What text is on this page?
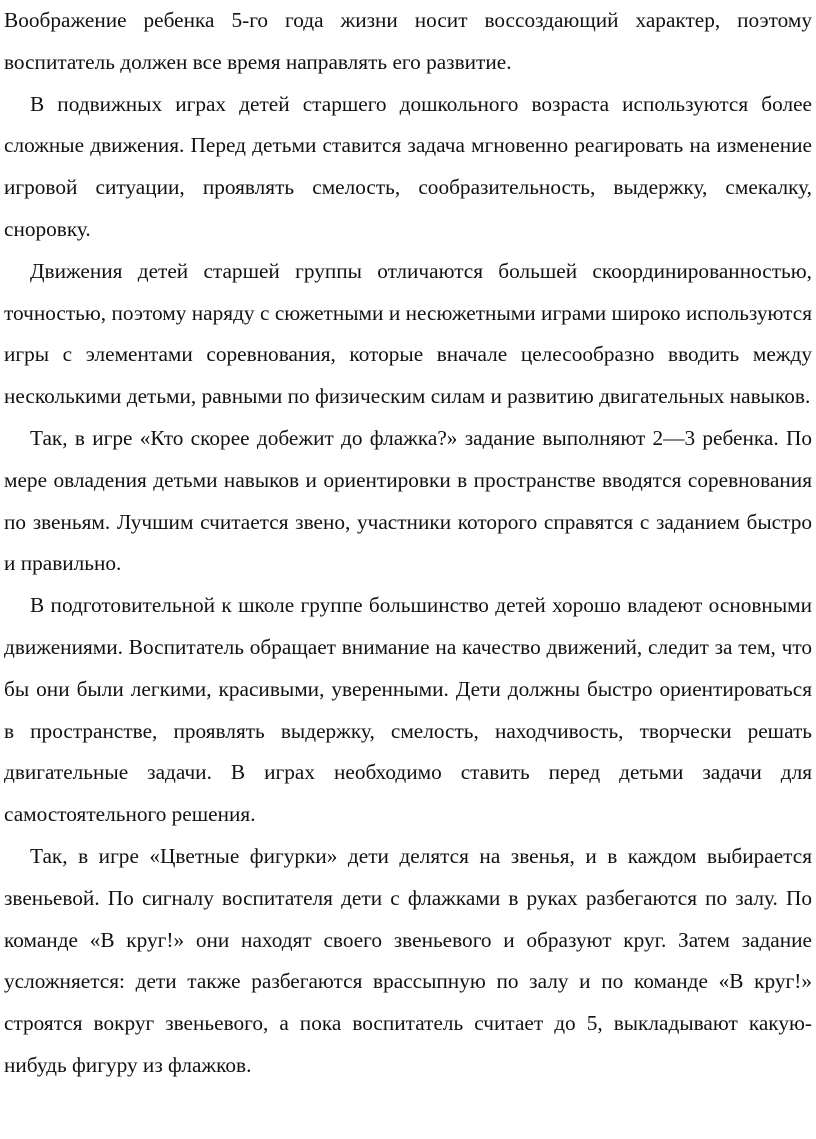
Воображение ребенка 5-го года жизни носит воссоздающий характер, поэтому воспитатель должен все время направлять его развитие.

В подвижных играх детей старшего дошкольного возраста используются более сложные движения. Перед детьми ставится задача мгновенно реагировать на изменение игровой ситуации, проявлять смелость, сообразительность, выдержку, смекалку, сноровку.

Движения детей старшей группы отличаются большей скоординированностью, точностью, поэтому наряду с сюжетными и несюжетными играми широко используются игры с элементами соревнования, которые вначале целесообразно вводить между несколькими детьми, равными по физическим силам и развитию двигательных навыков.

Так, в игре «Кто скорее добежит до флажка?» задание выполняют 2—3 ребенка. По мере овладения детьми навыков и ориентировки в пространстве вводятся соревнования по звеньям. Лучшим считается звено, участники которого справятся с заданием быстро и правильно.

В подготовительной к школе группе большинство детей хорошо владеют основными движениями. Воспитатель обращает внимание на качество движений, следит за тем, что бы они были легкими, красивыми, уверенными. Дети должны быстро ориентироваться в пространстве, проявлять выдержку, смелость, находчивость, творчески решать двигательные задачи. В играх необходимо ставить перед детьми задачи для самостоятельного решения.

Так, в игре «Цветные фигурки» дети делятся на звенья, и в каждом выбирается звеньевой. По сигналу воспитателя дети с флажками в руках разбегаются по залу. По команде «В круг!» они находят своего звеньевого и образуют круг. Затем задание усложняется: дети также разбегаются врассыпную по залу и по команде «В круг!» строятся вокруг звеньевого, а пока воспитатель считает до 5, выкладывают какую-нибудь фигуру из флажков.
